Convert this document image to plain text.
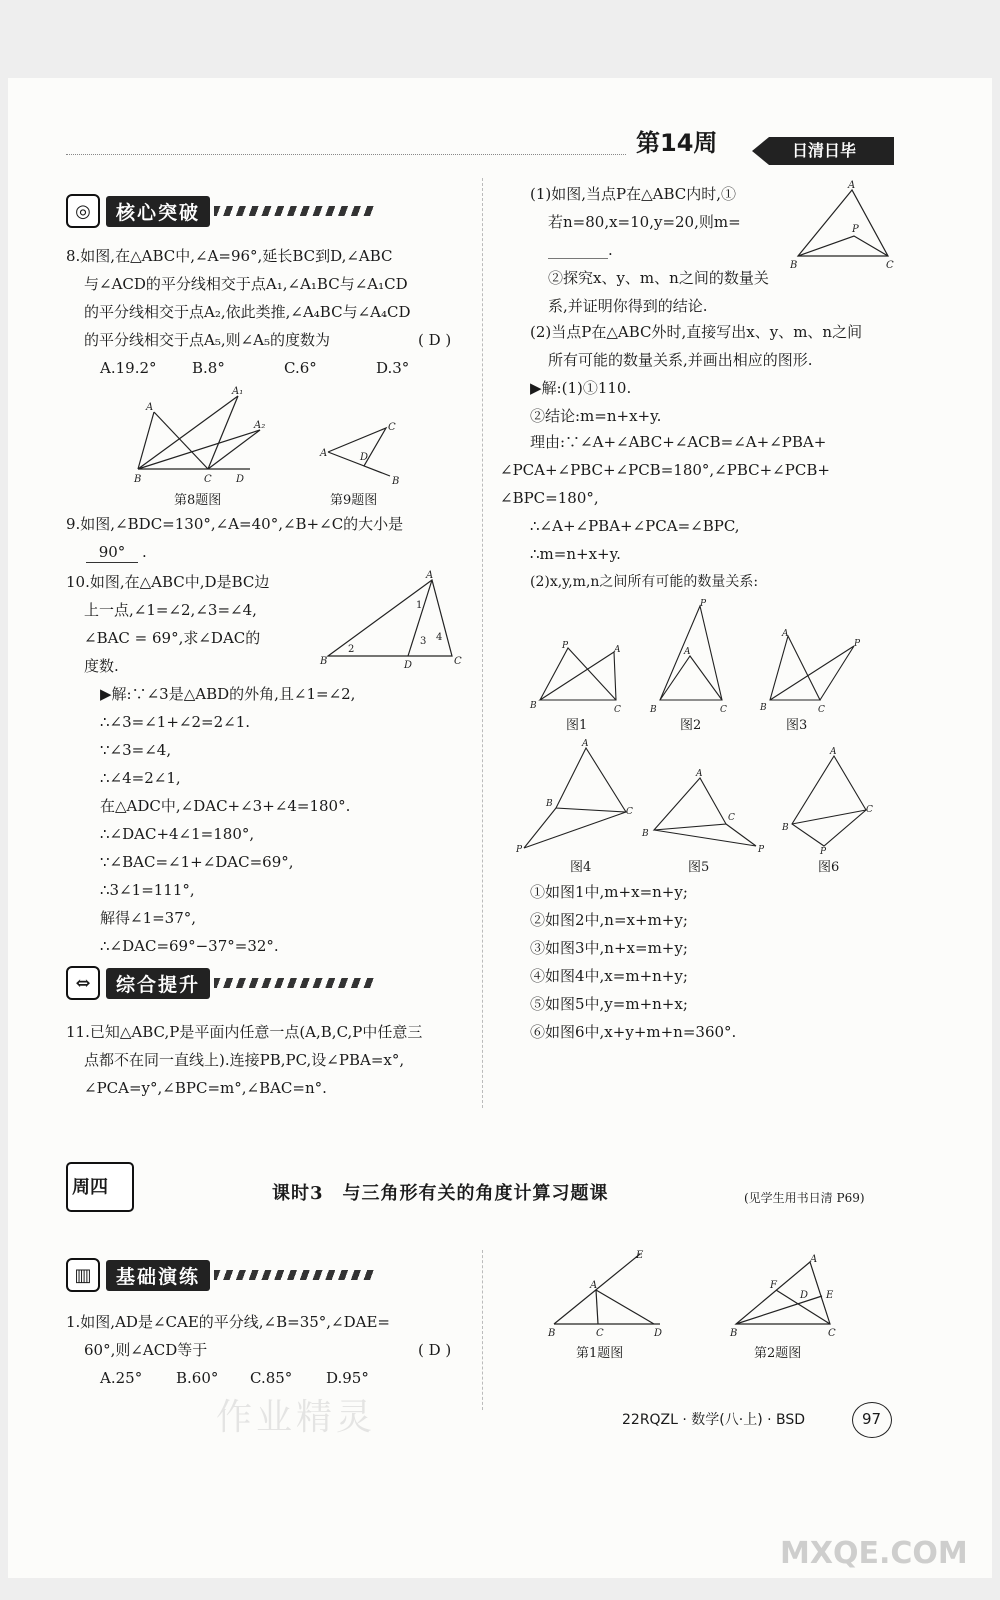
第14周	日清日毕
◎	核心突破
8.如图,在△ABC中,∠A=96°,延长BC到D,∠ABC
与∠ACD的平分线相交于点A₁,∠A₁BC与∠A₁CD
的平分线相交于点A₂,依此类推,∠A₄BC与∠A₄CD
的平分线相交于点A₅,则∠A₅的度数为	( D )
A.19.2° B.8°	C.6°	D.3°
A
A₁
A₂
B	C D
A
C
D
B
第8题图	第9题图
9.如图,∠BDC=130°,∠A=40°,∠B+∠C的大小是
90°	.
10.如图,在△ABC中,D是BC边
上一点,∠1=∠2,∠3=∠4,
∠BAC = 69°,求∠DAC的
度数.
A
B	D	C
1
2
3 4
▶解:∵∠3是△ABD的外角,且∠1=∠2,
∴∠3=∠1+∠2=2∠1.
∵∠3=∠4,
∴∠4=2∠1,
在△ADC中,∠DAC+∠3+∠4=180°.
∴∠DAC+4∠1=180°,
∵∠BAC=∠1+∠DAC=69°,
∴3∠1=111°,
解得∠1=37°,
∴∠DAC=69°−37°=32°.
⇔	综合提升
11.已知△ABC,P是平面内任意一点(A,B,C,P中任意三
点都不在同一直线上).连接PB,PC,设∠PBA=x°,
∠PCA=y°,∠BPC=m°,∠BAC=n°.
(1)如图,当点P在△ABC内时,①
若n=80,x=10,y=20,则m=
________.
②探究x、y、m、n之间的数量关
系,并证明你得到的结论.
A
B	C
P
(2)当点P在△ABC外时,直接写出x、y、m、n之间
所有可能的数量关系,并画出相应的图形.
▶解:(1)①110.
②结论:m=n+x+y.
理由:∵∠A+∠ABC+∠ACB=∠A+∠PBA+
∠PCA+∠PBC+∠PCB=180°,∠PBC+∠PCB+
∠BPC=180°,
∴∠A+∠PBA+∠PCA=∠BPC,
∴m=n+x+y.
(2)x,y,m,n之间所有可能的数量关系:
P	A
B	C
P
A
B	C
A
P
B	C
图1	图2	图3
A
B
C
P
A
B
C
P
A
B
C
P
图4	图5	图6
①如图1中,m+x=n+y;
②如图2中,n=x+m+y;
③如图3中,n+x=m+y;
④如图4中,x=m+n+y;
⑤如图5中,y=m+n+x;
⑥如图6中,x+y+m+n=360°.
周四	课时3　与三角形有关的角度计算习题课	(见学生用书日清 P69)
▥	基础演练
1.如图,AD是∠CAE的平分线,∠B=35°,∠DAE=
60°,则∠ACD等于	( D )
A.25° B.60° C.85° D.95°
E
A
B	C	D
A
F
D E
B	C
第1题图	第2题图
22RQZL · 数学(八·上) · BSD	97
作业精灵
MXQE.COM
